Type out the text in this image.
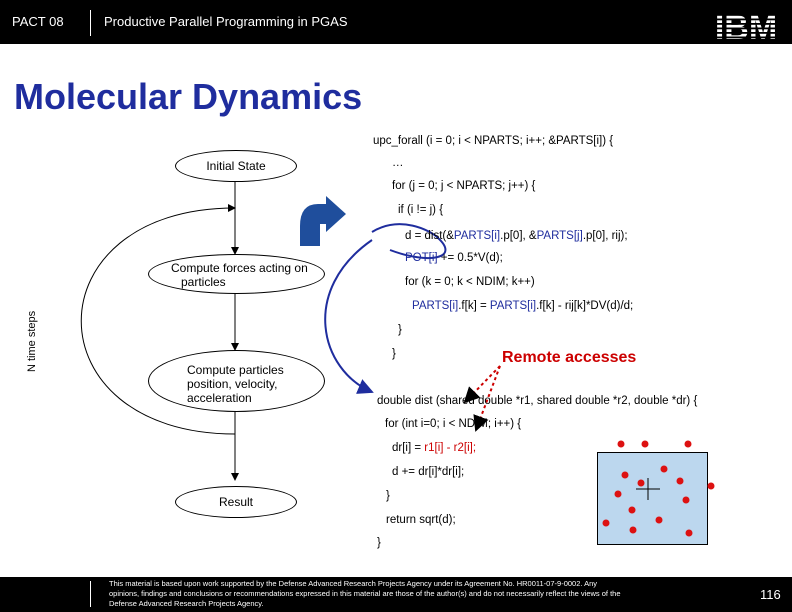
PACT 08	Productive Parallel Programming in PGAS
Molecular Dynamics
Initial State
Compute forces acting on
particles
Compute particles
position, velocity,
acceleration
Result
N time steps
upc_forall (i = 0; i < NPARTS; i++; &PARTS[i]) {
…
for (j = 0; j < NPARTS; j++) {
if (i != j) {
d = dist(&PARTS[i].p[0], &PARTS[j].p[0], rij);
POT[i] += 0.5*V(d);
for (k = 0; k < NDIM; k++)
PARTS[i].f[k] = PARTS[i].f[k] - rij[k]*DV(d)/d;
}
}	Remote accesses
double dist (shared double *r1, shared double *r2, double *dr) {
for (int i=0; i < NDIM; i++) {
dr[i] = r1[i] - r2[i];
d += dr[i]*dr[i];
}
return sqrt(d);
}
This material is based upon work supported by the Defense Advanced Research Projects Agency under its Agreement No. HR0011-07-9-0002. Any opinions, findings and conclusions or recommendations expressed in this material are those of the author(s) and do not necessarily reflect the views of the Defense Advanced Research Projects Agency.
116
